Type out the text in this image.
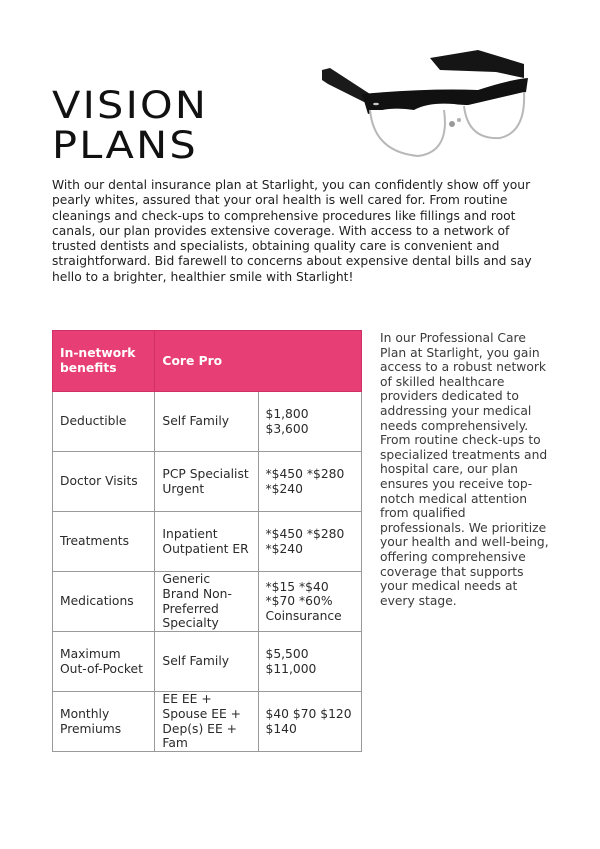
VISION
PLANS

With our dental insurance plan at Starlight, you can confidently show off your pearly whites, assured that your oral health is well cared for. From routine cleanings and check-ups to comprehensive procedures like fillings and root canals, our plan provides extensive coverage. With access to a network of trusted dentists and specialists, obtaining quality care is convenient and straightforward. Bid farewell to concerns about expensive dental bills and say hello to a brighter, healthier smile with Starlight!

In-network benefits	Core Pro	
Deductible	Self Family	$1,800 $3,600
Doctor Visits	PCP Specialist Urgent	*$450 *$280 *$240
Treatments	Inpatient Outpatient ER	*$450 *$280 *$240
Medications	Generic Brand Non-Preferred Specialty	*$15 *$40 *$70 *60% Coinsurance
Maximum Out-of-Pocket	Self Family	$5,500 $11,000
Monthly Premiums	EE EE + Spouse EE + Dep(s) EE + Fam	$40 $70 $120 $140

In our Professional Care Plan at Starlight, you gain access to a robust network of skilled healthcare providers dedicated to addressing your medical needs comprehensively. From routine check-ups to specialized treatments and hospital care, our plan ensures you receive top-notch medical attention from qualified professionals. We prioritize your health and well-being, offering comprehensive coverage that supports your medical needs at every stage.
